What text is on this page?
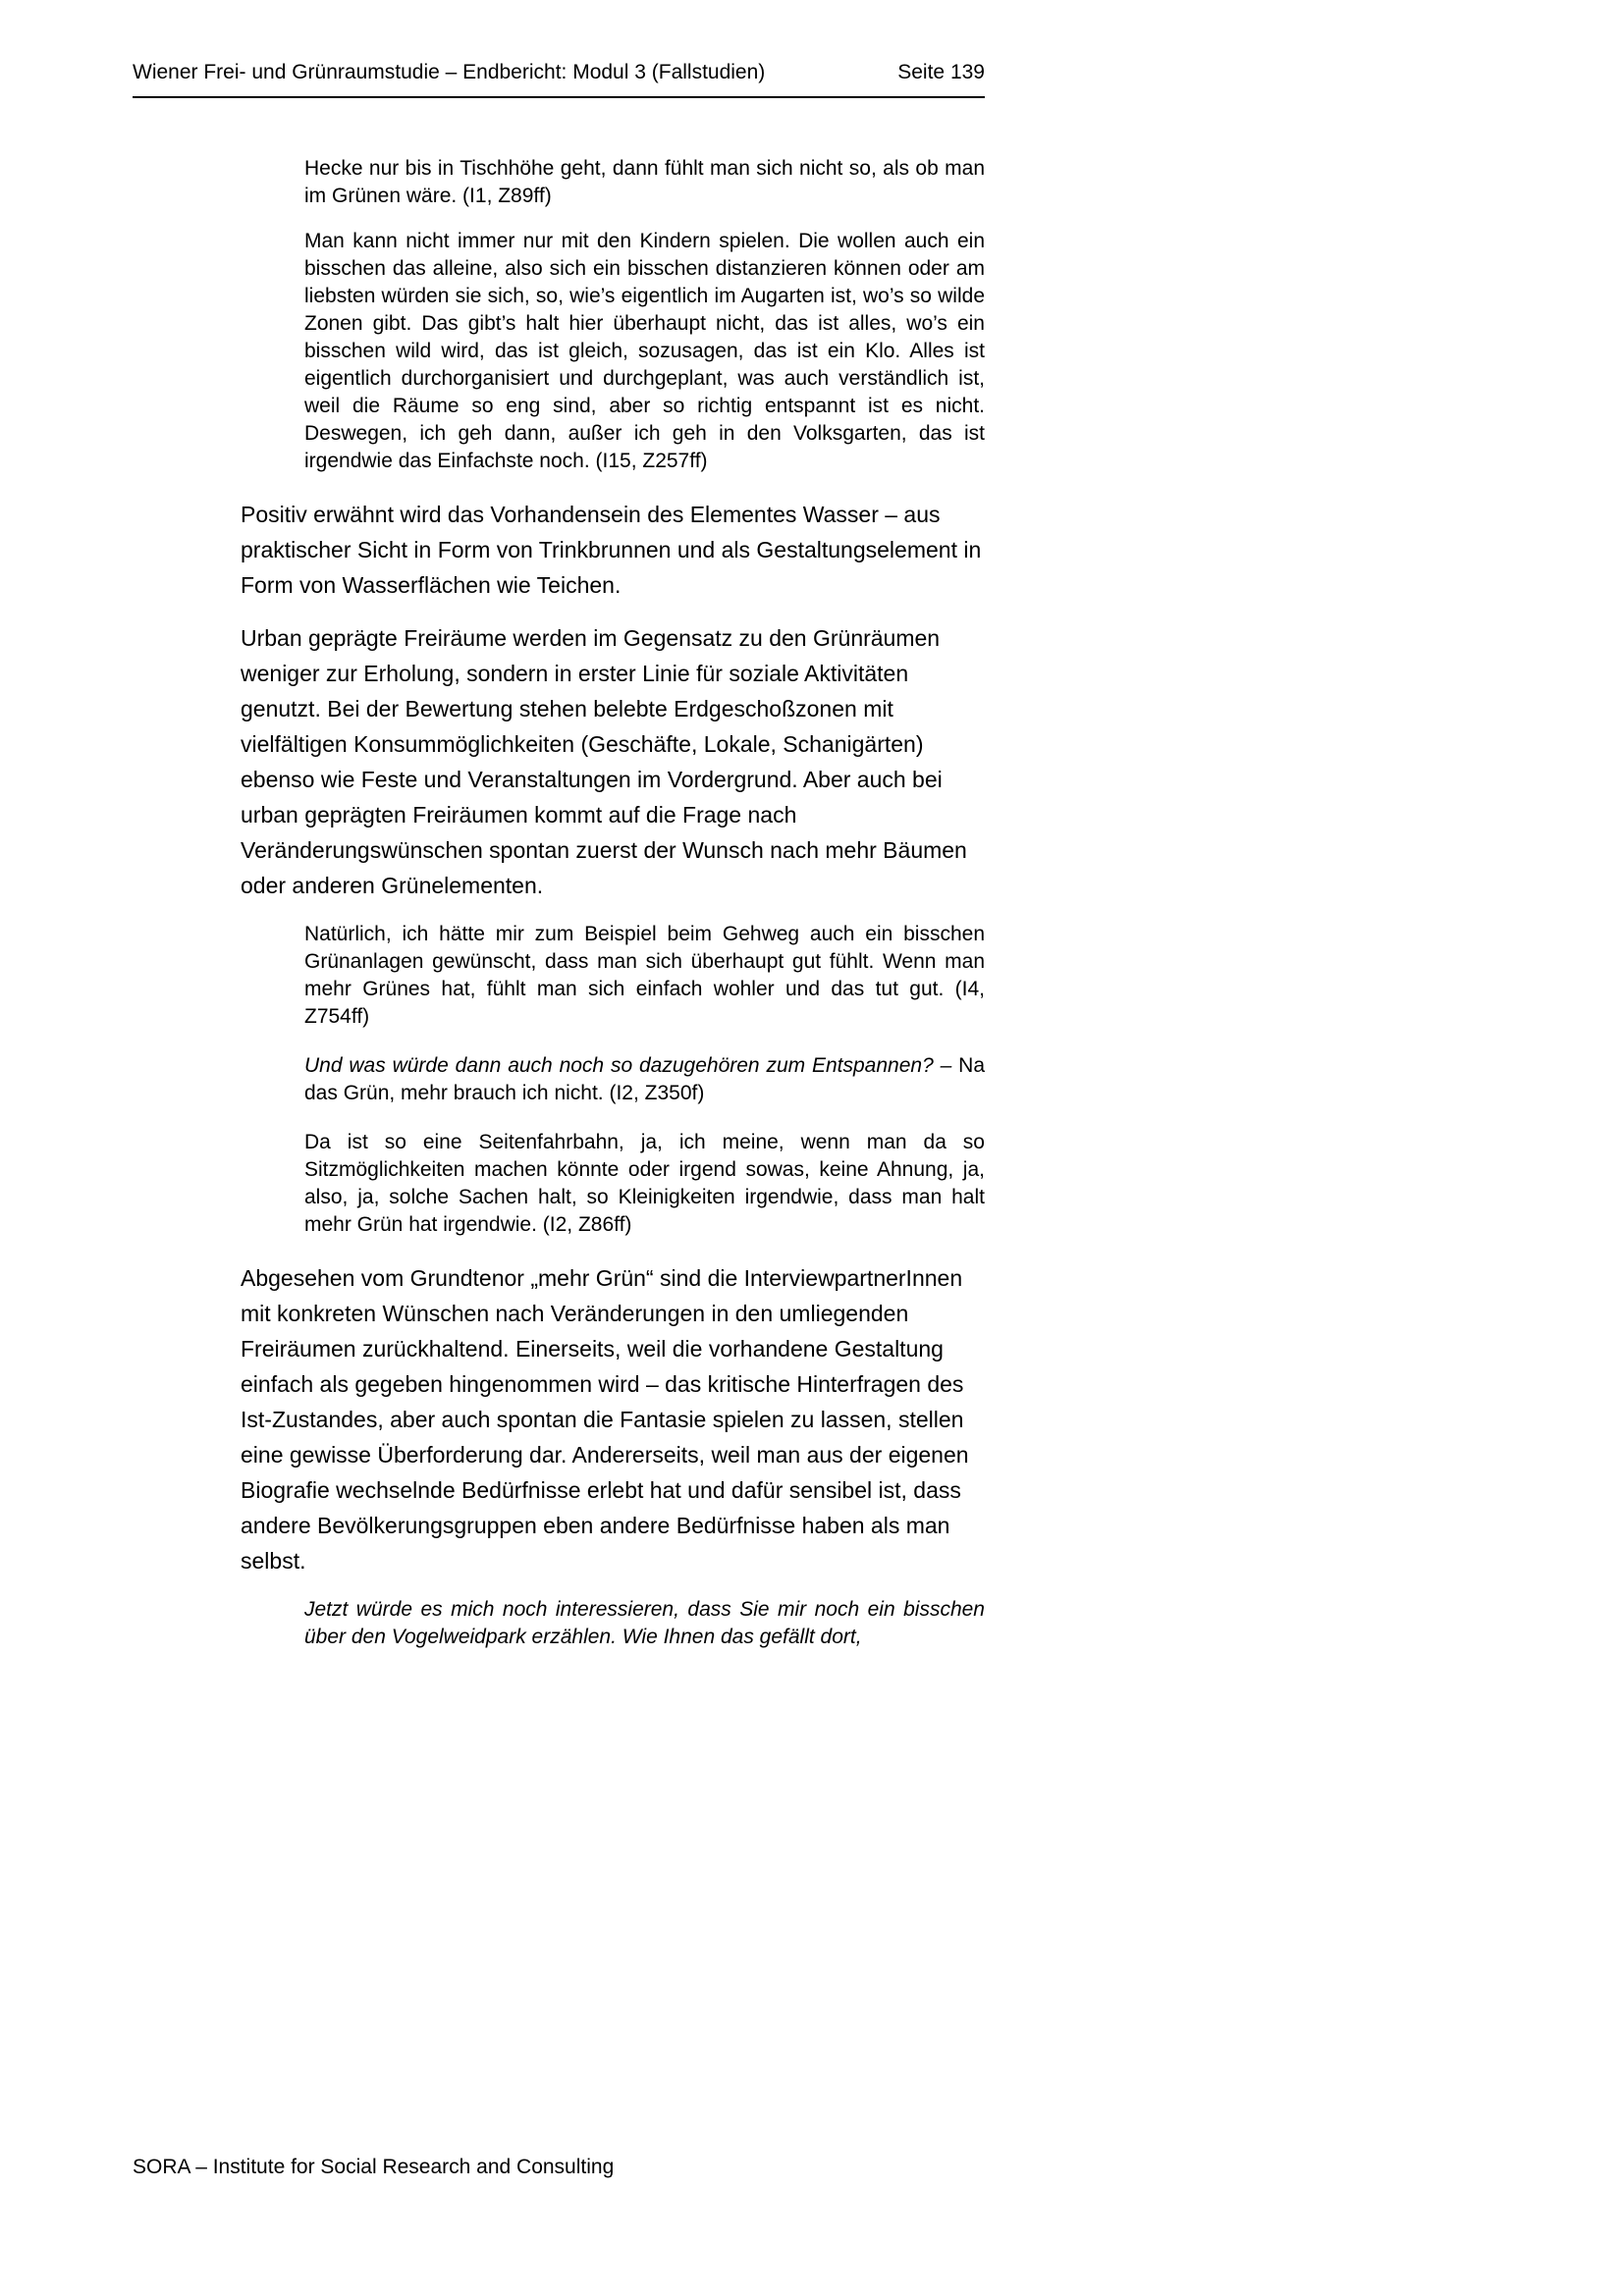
Wiener Frei- und Grünraumstudie – Endbericht: Modul 3 (Fallstudien)	Seite 139

Hecke nur bis in Tischhöhe geht, dann fühlt man sich nicht so, als ob man im Grünen wäre. (I1, Z89ff)

Man kann nicht immer nur mit den Kindern spielen. Die wollen auch ein bisschen das alleine, also sich ein bisschen distanzieren können oder am liebsten würden sie sich, so, wie’s eigentlich im Augarten ist, wo’s so wilde Zonen gibt. Das gibt’s halt hier überhaupt nicht, das ist alles, wo’s ein bisschen wild wird, das ist gleich, sozusagen, das ist ein Klo. Alles ist eigentlich durchorganisiert und durchgeplant, was auch verständlich ist, weil die Räume so eng sind, aber so richtig entspannt ist es nicht. Deswegen, ich geh dann, außer ich geh in den Volksgarten, das ist irgendwie das Einfachste noch. (I15, Z257ff)

Positiv erwähnt wird das Vorhandensein des Elementes Wasser – aus praktischer Sicht in Form von Trinkbrunnen und als Gestaltungselement in Form von Wasserflächen wie Teichen.

Urban geprägte Freiräume werden im Gegensatz zu den Grünräumen weniger zur Erholung, sondern in erster Linie für soziale Aktivitäten genutzt. Bei der Bewertung stehen belebte Erdgeschoßzonen mit vielfältigen Konsummöglichkeiten (Geschäfte, Lokale, Schanigärten) ebenso wie Feste und Veranstaltungen im Vordergrund. Aber auch bei urban geprägten Freiräumen kommt auf die Frage nach Veränderungswünschen spontan zuerst der Wunsch nach mehr Bäumen oder anderen Grünelementen.

Natürlich, ich hätte mir zum Beispiel beim Gehweg auch ein bisschen Grünanlagen gewünscht, dass man sich überhaupt gut fühlt. Wenn man mehr Grünes hat, fühlt man sich einfach wohler und das tut gut. (I4, Z754ff)

Und was würde dann auch noch so dazugehören zum Entspannen? – Na das Grün, mehr brauch ich nicht. (I2, Z350f)

Da ist so eine Seitenfahrbahn, ja, ich meine, wenn man da so Sitzmöglichkeiten machen könnte oder irgend sowas, keine Ahnung, ja, also, ja, solche Sachen halt, so Kleinigkeiten irgendwie, dass man halt mehr Grün hat irgendwie. (I2, Z86ff)

Abgesehen vom Grundtenor „mehr Grün“ sind die InterviewpartnerInnen mit konkreten Wünschen nach Veränderungen in den umliegenden Freiräumen zurückhaltend. Einerseits, weil die vorhandene Gestaltung einfach als gegeben hingenommen wird – das kritische Hinterfragen des Ist-Zustandes, aber auch spontan die Fantasie spielen zu lassen, stellen eine gewisse Überforderung dar. Andererseits, weil man aus der eigenen Biografie wechselnde Bedürfnisse erlebt hat und dafür sensibel ist, dass andere Bevölkerungsgruppen eben andere Bedürfnisse haben als man selbst.

Jetzt würde es mich noch interessieren, dass Sie mir noch ein bisschen über den Vogelweidpark erzählen. Wie Ihnen das gefällt dort,

SORA – Institute for Social Research and Consulting
